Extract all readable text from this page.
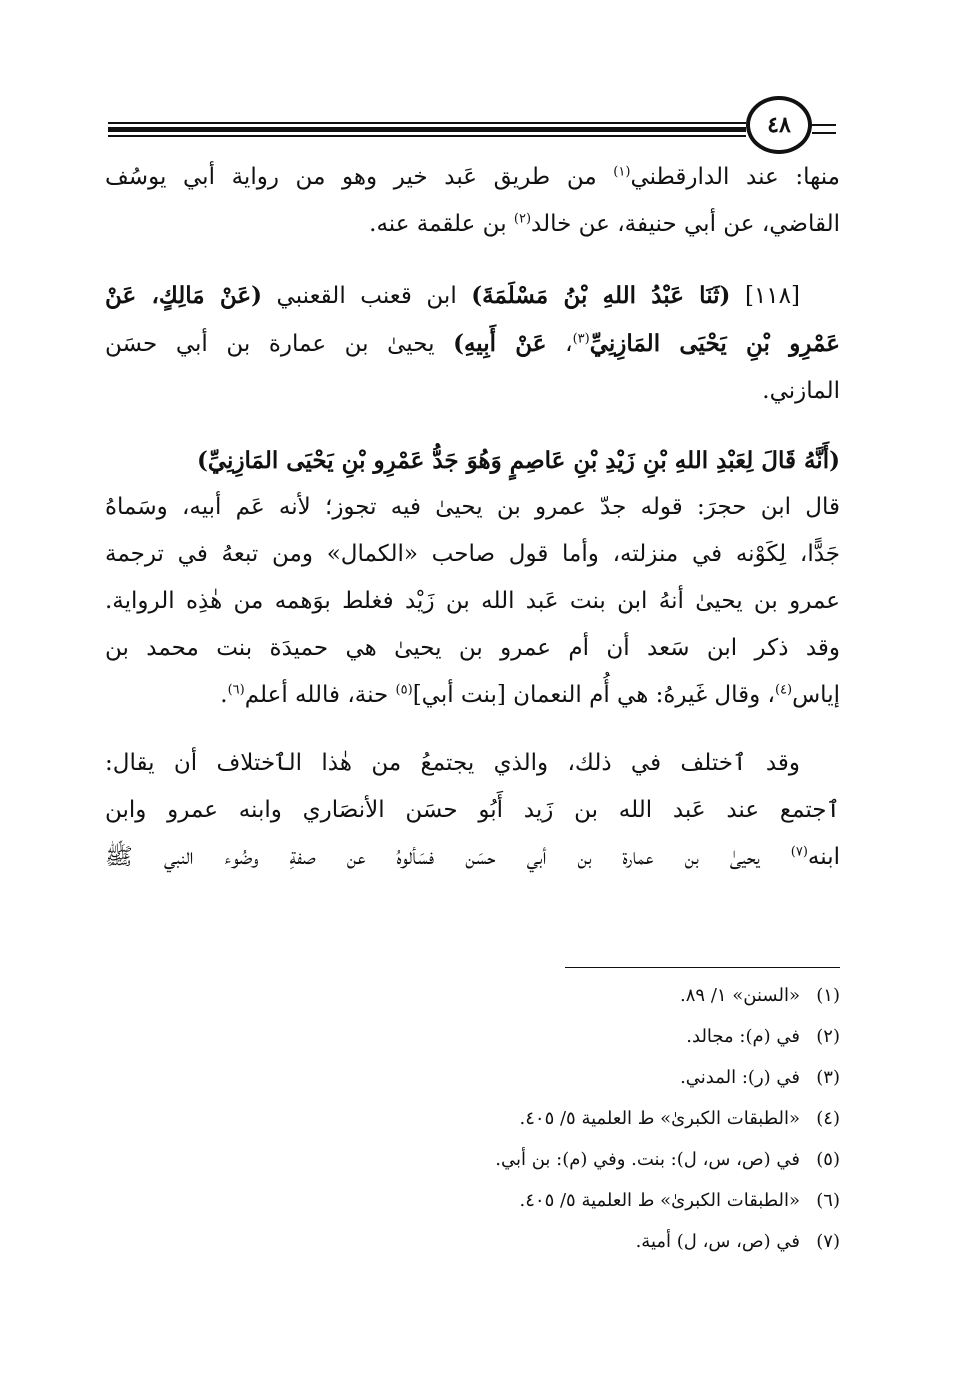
٤٨
منها: عند الدارقطني$^{(١)}$ من طريق عَبد خير وهو من رواية أبي يوسُف
القاضي، عن أبي حنيفة، عن خالد$^{(٢)}$ بن علقمة عنه.
[١١٨] (ثَنَا عَبْدُ اللهِ بْنُ مَسْلَمَةَ) ابن قعنب القعنبي (عَنْ مَالِكٍ، عَنْ
عَمْرِو بْنِ يَحْيَى المَازِنِيِّ$^{(٣)}$، عَنْ أَبِيهِ) يحيىٰ بن عمارة بن أبي حسَن
المازني.
(أَنَّهُ قَالَ لِعَبْدِ اللهِ بْنِ زَيْدِ بْنِ عَاصِمٍ وَهُوَ جَدُّ عَمْرِو بْنِ يَحْيَى المَازِنِيِّ)
قال ابن حجرَ: قوله جدّ عمرو بن يحيىٰ فيه تجوز؛ لأنه عَم أبيه، وسَماهُ
جَدًّا، لِكَوْنه في منزلته، وأما قول صاحب «الكمال» ومن تبعهُ في ترجمة
عمرو بن يحيىٰ أنهُ ابن بنت عَبد الله بن زَيْد فغلط بوَهمه من هٰذِه الرواية.
وقد ذكر ابن سَعد أن أم عمرو بن يحيىٰ هي حميدَة بنت محمد بن
إياس$^{(٤)}$، وقال غَيرهُ: هي أُم النعمان [بنت أبي]$^{(٥)}$ حنة، فالله أعلم$^{(٦)}$.
وقد ٱختلف في ذلك، والذي يجتمعُ من هٰذا الٱختلاف أن يقال:
ٱجتمع عند عَبد الله بن زَيد أَبُو حسَن الأنصَاري وابنه عمرو وابن
ابنه$^{(٧)}$ يحيىٰ بن عمارة بن أبي حسَن فسَألوهُ عن صفةِ وضُوء النبي ﷺ
(١)«السنن» ١/ ٨٩.
(٢)في (م): مجالد.
(٣)في (ر): المدني.
(٤)«الطبقات الكبرىٰ» ط العلمية ٥/ ٤٠٥.
(٥)في (ص، س، ل): بنت. وفي (م): بن أبي.
(٦)«الطبقات الكبرىٰ» ط العلمية ٥/ ٤٠٥.
(٧)في (ص، س، ل) أمية.
